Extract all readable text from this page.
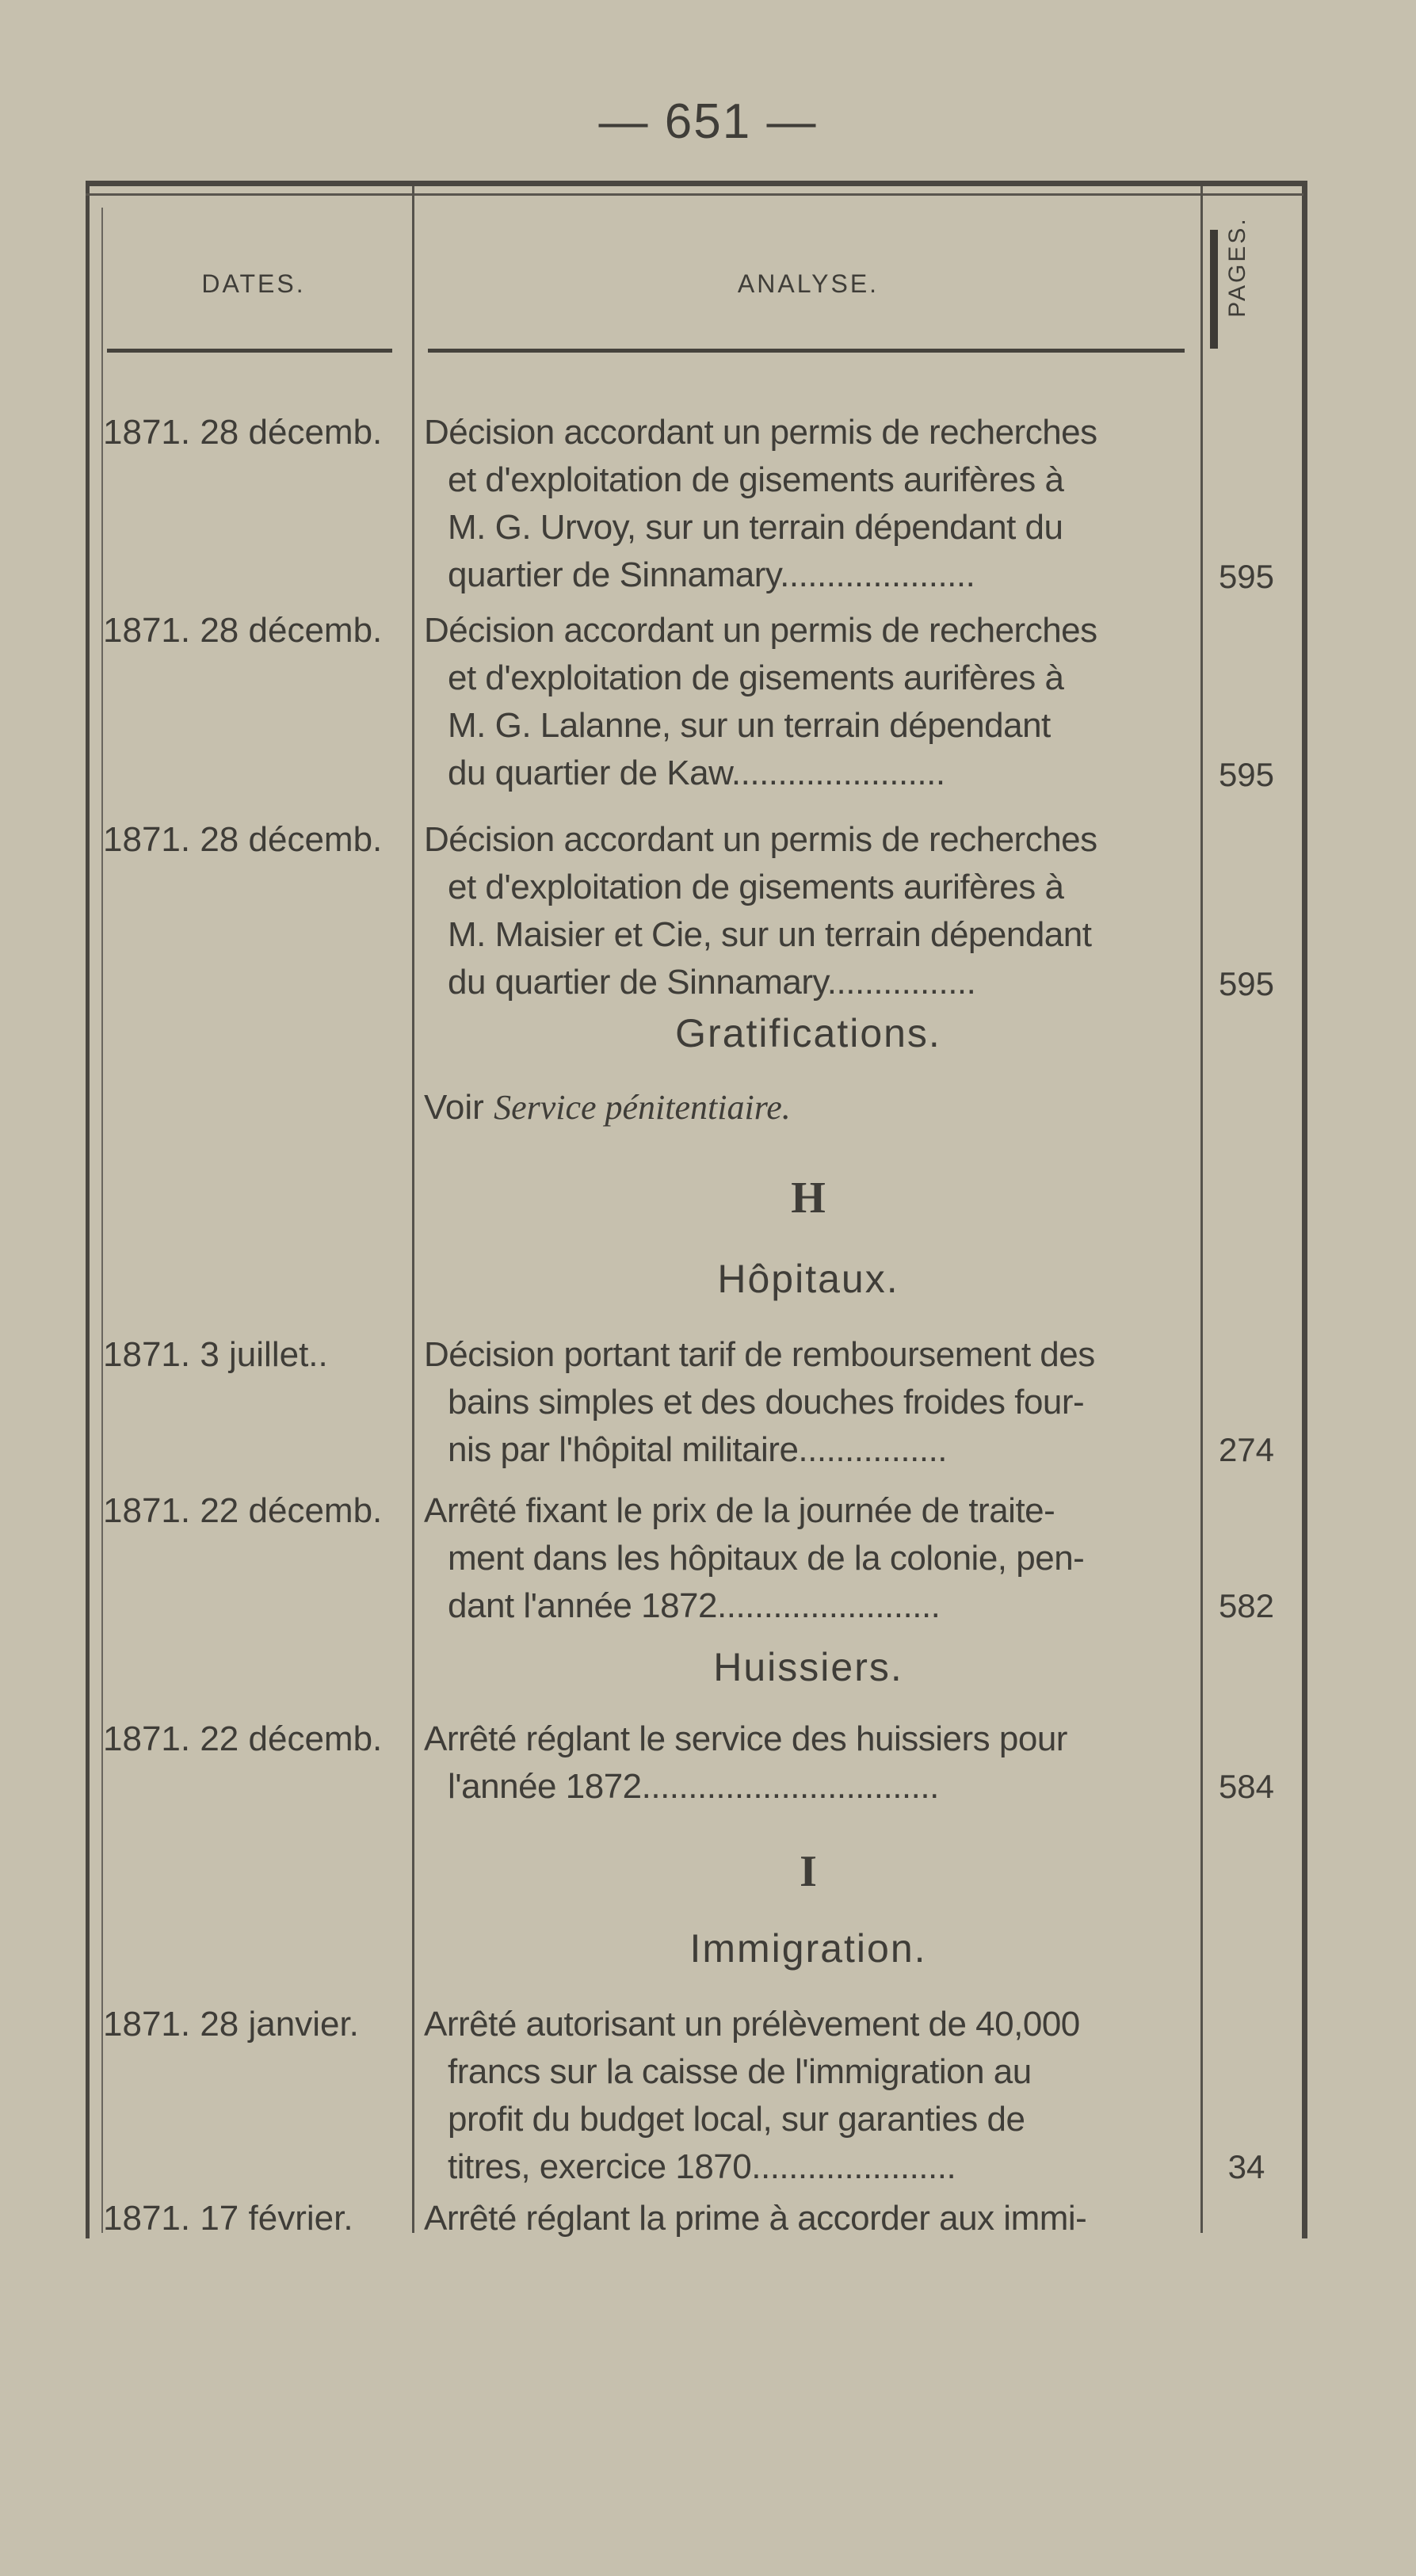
— 651 —
DATES.	ANALYSE.	PAGES.
1871. 28 décemb.	Décision accordant un permis de recherches
et d'exploitation de gisements aurifères à
M. G. Urvoy, sur un terrain dépendant du
quartier de Sinnamary.....................	595
1871. 28 décemb.	Décision accordant un permis de recherches
et d'exploitation de gisements aurifères à
M. G. Lalanne, sur un terrain dépendant
du quartier de Kaw.......................	595
1871. 28 décemb.	Décision accordant un permis de recherches
et d'exploitation de gisements aurifères à
M. Maisier et Cie, sur un terrain dépendant
du quartier de Sinnamary................	595
Gratifications.
Voir Service pénitentiaire.
H
Hôpitaux.
1871. 3 juillet..	Décision portant tarif de remboursement des
bains simples et des douches froides four-
nis par l'hôpital militaire................	274
1871. 22 décemb.	Arrêté fixant le prix de la journée de traite-
ment dans les hôpitaux de la colonie, pen-
dant l'année 1872........................	582
Huissiers.
1871. 22 décemb.	Arrêté réglant le service des huissiers pour
l'année 1872................................	584
I
Immigration.
1871. 28 janvier.	Arrêté autorisant un prélèvement de 40,000
francs sur la caisse de l'immigration au
profit du budget local, sur garanties de
titres, exercice 1870......................	34
1871. 17 février.	Arrêté réglant la prime à accorder aux immi-
